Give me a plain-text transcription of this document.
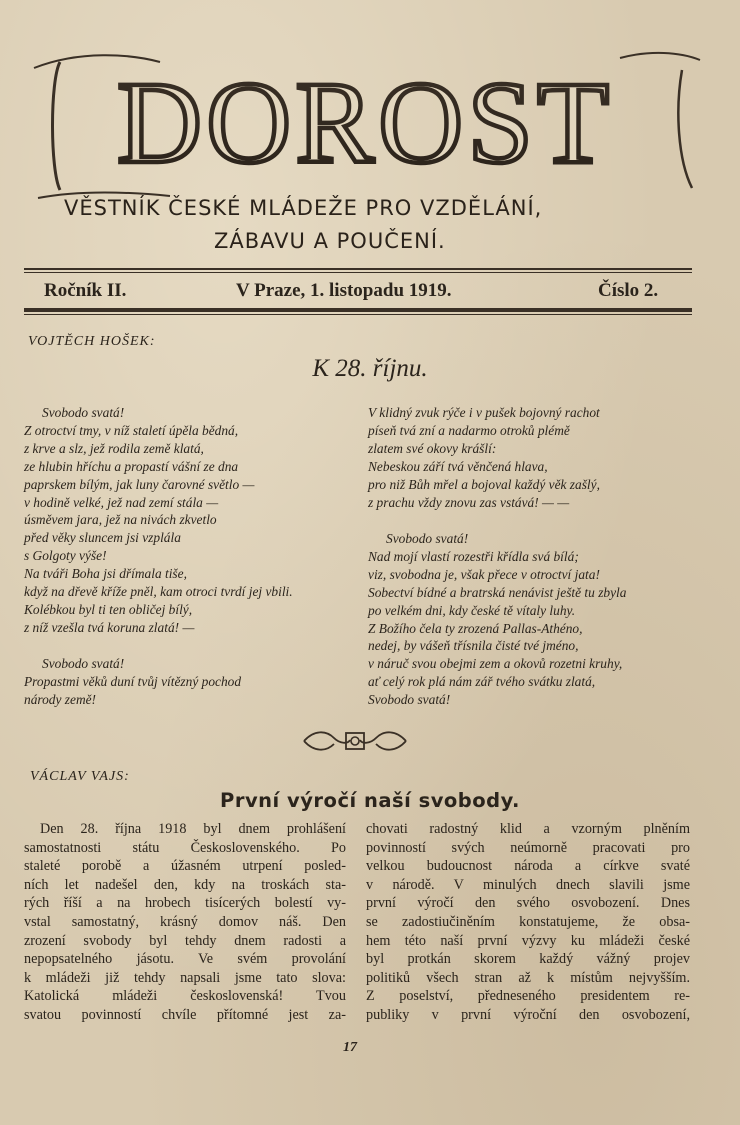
DOROST
VĚSTNÍK ČESKÉ MLÁDEŽE PRO VZDĚLÁNÍ,
ZÁBAVU A POUČENÍ.
Ročník II.	V Praze, 1. listopadu 1919.	Číslo 2.
VOJTĚCH HOŠEK:
K 28. říjnu.
Svobodo svatá!
Z otroctví tmy, v níž staletí úpěla bědná,
z krve a slz, jež rodila země klatá,
ze hlubin hříchu a propastí vášní ze dna
paprskem bílým, jak luny čarovné světlo —
v hodině velké, jež nad zemí stála —
úsměvem jara, jež na nivách zkvetlo
před věky sluncem jsi vzplála
s Golgoty výše!
Na tváři Boha jsi dřímala tiše,
když na dřevě kříže pněl, kam otroci tvrdí jej vbili.
Kolébkou byl ti ten obličej bílý,
z níž vzešla tvá koruna zlatá! —
Svobodo svatá!
Propastmi věků duní tvůj vítězný pochod
národy země!
V klidný zvuk rýče i v pušek bojovný rachot
píseň tvá zní a nadarmo otroků plémě
zlatem své okovy krášlí:
Nebeskou září tvá věnčená hlava,
pro niž Bůh mřel a bojoval každý věk zašlý,
z prachu vždy znovu zas vstává! — —
Svobodo svatá!
Nad mojí vlastí rozestři křídla svá bílá;
viz, svobodna je, však přece v otroctví jata!
Sobectví bídné a bratrská nenávist ještě tu zbyla
po velkém dni, kdy české tě vítaly luhy.
Z Božího čela ty zrozená Pallas-Athéno,
nedej, by vášeň třísnila čisté tvé jméno,
v náruč svou obejmi zem a okovů rozetni kruhy,
ať celý rok plá nám zář tvého svátku zlatá,
Svobodo svatá!
VÁCLAV VAJS:
První výročí naší svobody.
Den 28. října 1918 byl dnem prohlášení
samostatnosti státu Československého. Po
staleté porobě a úžasném utrpení posled-
ních let nadešel den, kdy na troskách sta-
rých říší a na hrobech tisícerých bolestí vy-
vstal samostatný, krásný domov náš. Den
zrození svobody byl tehdy dnem radosti a
nepopsatelného jásotu. Ve svém provolání
k mládeži již tehdy napsali jsme tato slova:
Katolická mládeži československá! Tvou
svatou povinností chvíle přítomné jest za-
chovati radostný klid a vzorným plněním
povinností svých neúmorně pracovati pro
velkou budoucnost národa a církve svaté
v národě. V minulých dnech slavili jsme
první výročí den svého osvobození. Dnes
se zadostiučiněním konstatujeme, že obsa-
hem této naší první výzvy ku mládeži české
byl protkán skorem každý vážný projev
politiků všech stran až k místům nejvyšším.
Z poselství, předneseného presidentem re-
publiky v první výroční den osvobození,
17
